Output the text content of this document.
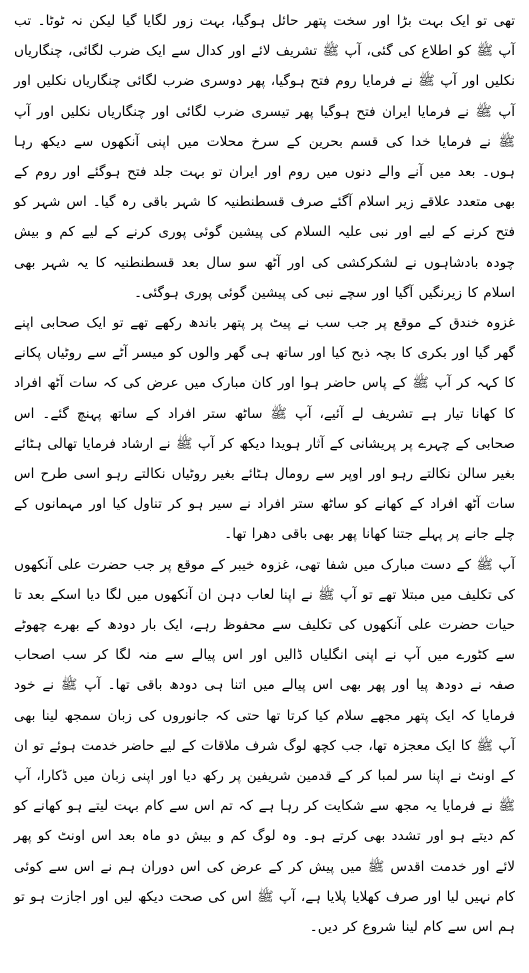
تھی تو ایک بہت بڑا اور سخت پتھر حائل ہوگیا، بہت زور لگایا گیا لیکن نہ ٹوٹا۔ تب آپ ﷺ کو اطلاع کی گئی، آپ ﷺ تشریف لائے اور کدال سے ایک ضرب لگائی، چنگاریاں نکلیں اور آپ ﷺ نے فرمایا روم فتح ہوگیا، پھر دوسری ضرب لگائی چنگاریاں نکلیں اور آپ ﷺ نے فرمایا ایران فتح ہوگیا پھر تیسری ضرب لگائی اور چنگاریاں نکلیں اور آپ ﷺ نے فرمایا خدا کی قسم بحرین کے سرخ محلات میں اپنی آنکھوں سے دیکھ رہا ہوں۔ بعد میں آنے والے دنوں میں روم اور ایران تو بہت جلد فتح ہوگئے اور روم کے بھی متعدد علاقے زیر اسلام آگئے صرف قسطنطنیہ کا شہر باقی رہ گیا۔ اس شہر کو فتح کرنے کے لیے اور نبی علیہ السلام کی پیشین گوئی پوری کرنے کے لیے کم و بیش چودہ بادشاہوں نے لشکرکشی کی اور آٹھ سو سال بعد قسطنطنیہ کا یہ شہر بھی اسلام کا زیرنگیں آگیا اور سچے نبی کی پیشین گوئی پوری ہوگئی۔

غزوہ خندق کے موقع پر جب سب نے پیٹ پر پتھر باندھ رکھے تھے تو ایک صحابی اپنے گھر گیا اور بکری کا بچہ ذبح کیا اور ساتھ ہی گھر والوں کو میسر آٹے سے روٹیاں پکانے کا کہہ کر آپ ﷺ کے پاس حاضر ہوا اور کان مبارک میں عرض کی کہ سات آٹھ افراد کا کھانا تیار ہے تشریف لے آئیے، آپ ﷺ ساٹھ ستر افراد کے ساتھ پہنچ گئے۔ اس صحابی کے چہرے پر پریشانی کے آثار ہویدا دیکھ کر آپ ﷺ نے ارشاد فرمایا تھالی ہٹائے بغیر سالن نکالتے رہو اور اوپر سے رومال ہٹائے بغیر روٹیاں نکالتے رہو اسی طرح اس سات آٹھ افراد کے کھانے کو ساٹھ ستر افراد نے سیر ہو کر تناول کیا اور مہمانوں کے چلے جانے پر پہلے جتنا کھانا پھر بھی باقی دھرا تھا۔

آپ ﷺ کے دست مبارک میں شفا تھی، غزوہ خیبر کے موقع پر جب حضرت علی آنکھوں کی تکلیف میں مبتلا تھے تو آپ ﷺ نے اپنا لعاب دہن ان آنکھوں میں لگا دیا اسکے بعد تا حیات حضرت علی آنکھوں کی تکلیف سے محفوظ رہے، ایک بار دودھ کے بھرے چھوٹے سے کٹورے میں آپ نے اپنی انگلیاں ڈالیں اور اس پیالے سے منہ لگا کر سب اصحاب صفہ نے دودھ پیا اور پھر بھی اس پیالے میں اتنا ہی دودھ باقی تھا۔ آپ ﷺ نے خود فرمایا کہ ایک پتھر مجھے سلام کیا کرتا تھا حتی کہ جانوروں کی زبان سمجھ لینا بھی آپ ﷺ کا ایک معجزہ تھا، جب کچھ لوگ شرف ملاقات کے لیے حاضر خدمت ہوئے تو ان کے اونٹ نے اپنا سر لمبا کر کے قدمین شریفین پر رکھ دیا اور اپنی زبان میں ڈکارا، آپ ﷺ نے فرمایا یہ مجھ سے شکایت کر رہا ہے کہ تم اس سے کام بہت لیتے ہو کھانے کو کم دیتے ہو اور تشدد بھی کرتے ہو۔ وہ لوگ کم و بیش دو ماہ بعد اس اونٹ کو پھر لائے اور خدمت اقدس ﷺ میں پیش کر کے عرض کی اس دوران ہم نے اس سے کوئی کام نہیں لیا اور صرف کھلایا پلایا ہے، آپ ﷺ اس کی صحت دیکھ لیں اور اجازت ہو تو ہم اس سے کام لینا شروع کر دیں۔
